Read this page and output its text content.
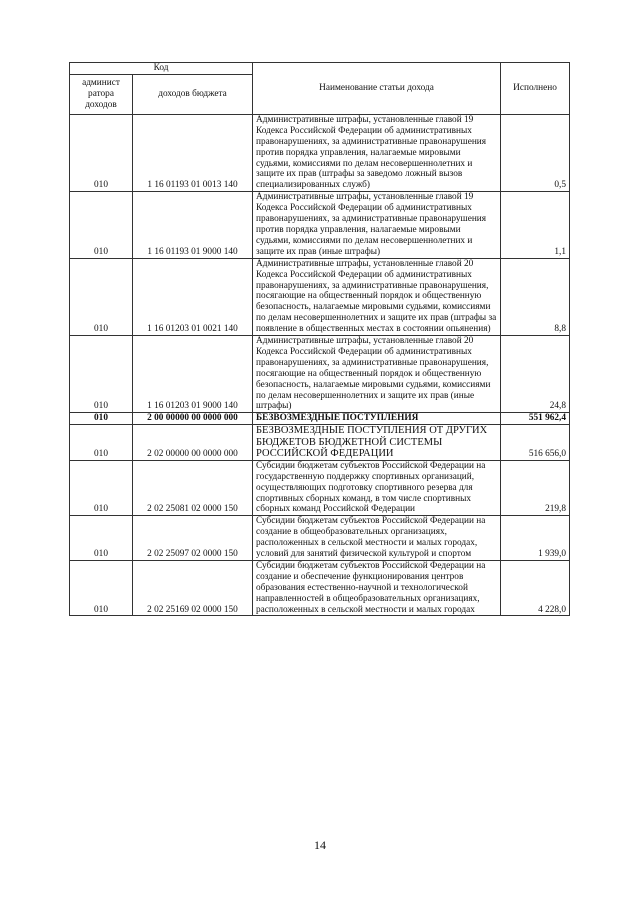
Код		Наименование статьи дохода	Исполнено
админист ратора доходов	доходов бюджета		
010	1 16 01193 01 0013 140	Административные штрафы, установленные главой 19 Кодекса Российской Федерации об административных правонарушениях, за административные правонарушения против порядка управления, налагаемые мировыми судьями, комиссиями по делам несовершеннолетних и защите их прав (штрафы за заведомо ложный вызов специализированных служб)	0,5
010	1 16 01193 01 9000 140	Административные штрафы, установленные главой 19 Кодекса Российской Федерации об административных правонарушениях, за административные правонарушения против порядка управления, налагаемые мировыми судьями, комиссиями по делам несовершеннолетних и защите их прав (иные штрафы)	1,1
010	1 16 01203 01 0021 140	Административные штрафы, установленные главой 20 Кодекса Российской Федерации об административных правонарушениях, за административные правонарушения, посягающие на общественный порядок и общественную безопасность, налагаемые мировыми судьями, комиссиями по делам несовершеннолетних и защите их прав (штрафы за появление в общественных местах в состоянии опьянения)	8,8
010	1 16 01203 01 9000 140	Административные штрафы, установленные главой 20 Кодекса Российской Федерации об административных правонарушениях, за административные правонарушения, посягающие на общественный порядок и общественную безопасность, налагаемые мировыми судьями, комиссиями по делам несовершеннолетних и защите их прав (иные штрафы)	24,8
010	2 00 00000 00 0000 000	БЕЗВОЗМЕЗДНЫЕ ПОСТУПЛЕНИЯ	551 962,4
010	2 02 00000 00 0000 000	БЕЗВОЗМЕЗДНЫЕ ПОСТУПЛЕНИЯ ОТ ДРУГИХ БЮДЖЕТОВ БЮДЖЕТНОЙ СИСТЕМЫ РОССИЙСКОЙ ФЕДЕРАЦИИ	516 656,0
010	2 02 25081 02 0000 150	Субсидии бюджетам субъектов Российской Федерации на государственную поддержку спортивных организаций, осуществляющих подготовку спортивного резерва для спортивных сборных команд, в том числе спортивных сборных команд Российской Федерации	219,8
010	2 02 25097 02 0000 150	Субсидии бюджетам субъектов Российской Федерации на создание в общеобразовательных организациях, расположенных в сельской местности и малых городах, условий для занятий физической культурой и спортом	1 939,0
010	2 02 25169 02 0000 150	Субсидии бюджетам субъектов Российской Федерации на создание и обеспечение функционирования центров образования естественно-научной и технологической направленностей в общеобразовательных организациях, расположенных в сельской местности и малых городах	4 228,0
14
